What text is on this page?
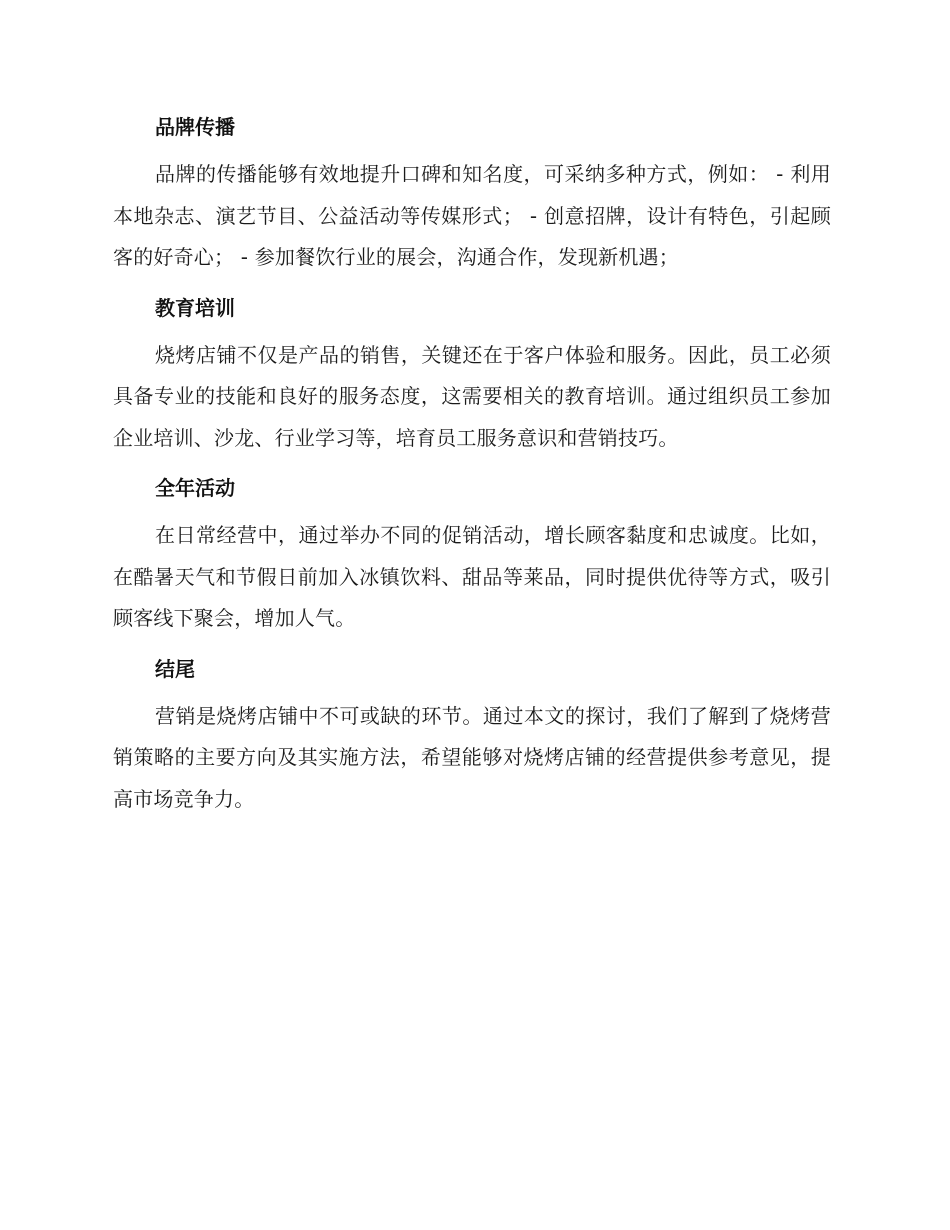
品牌传播

品牌的传播能够有效地提升口碑和知名度，可采纳多种方式，例如： - 利用本地杂志、演艺节目、公益活动等传媒形式； - 创意招牌，设计有特色，引起顾客的好奇心； - 参加餐饮行业的展会，沟通合作，发现新机遇；

教育培训

烧烤店铺不仅是产品的销售，关键还在于客户体验和服务。因此，员工必须具备专业的技能和良好的服务态度，这需要相关的教育培训。通过组织员工参加企业培训、沙龙、行业学习等，培育员工服务意识和营销技巧。

全年活动

在日常经营中，通过举办不同的促销活动，增长顾客黏度和忠诚度。比如，在酷暑天气和节假日前加入冰镇饮料、甜品等莱品，同时提供优待等方式，吸引顾客线下聚会，增加人气。

结尾

营销是烧烤店铺中不可或缺的环节。通过本文的探讨，我们了解到了烧烤营销策略的主要方向及其实施方法，希望能够对烧烤店铺的经营提供参考意见，提高市场竞争力。
